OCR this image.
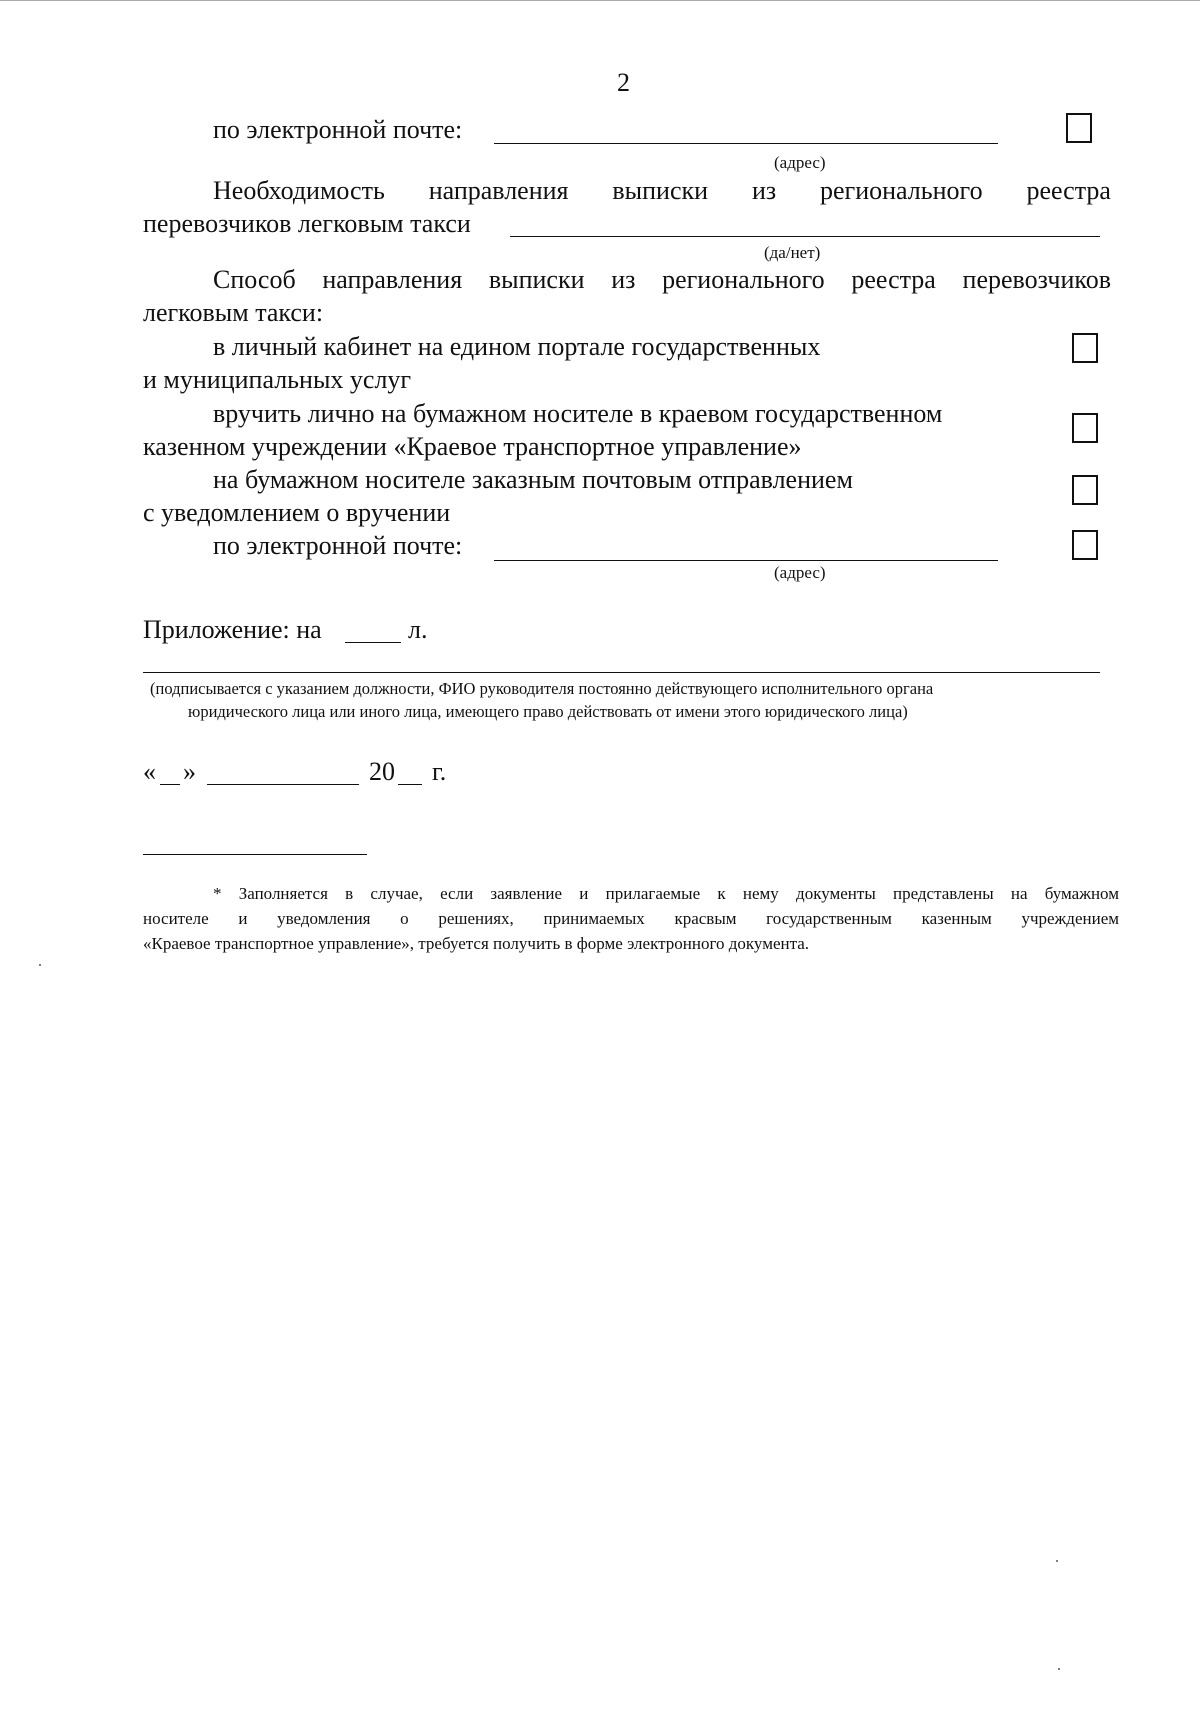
2
по электронной почте:
(адрес)
Необходимость направления выписки из регионального реестра
перевозчиков легковым такси
(да/нет)
Способ направления выписки из регионального реестра перевозчиков
легковым такси:
в личный кабинет на едином портале государственных
и муниципальных услуг
вручить лично на бумажном носителе в краевом государственном
казенном учреждении «Краевое транспортное управление»
на бумажном носителе заказным почтовым отправлением
с уведомлением о вручении
по электронной почте:
(адрес)
Приложение: на	л.
(подписывается с указанием должности, ФИО руководителя постоянно действующего исполнительного органа
юридического лица или иного лица, имеющего право действовать от имени этого юридического лица)
« »	20 г.
* Заполняется в случае, если заявление и прилагаемые к нему документы представлены на бумажном
носителе и уведомления о решениях, принимаемых красвым государственным казенным учреждением
«Краевое транспортное управление», требуется получить в форме электронного документа.
